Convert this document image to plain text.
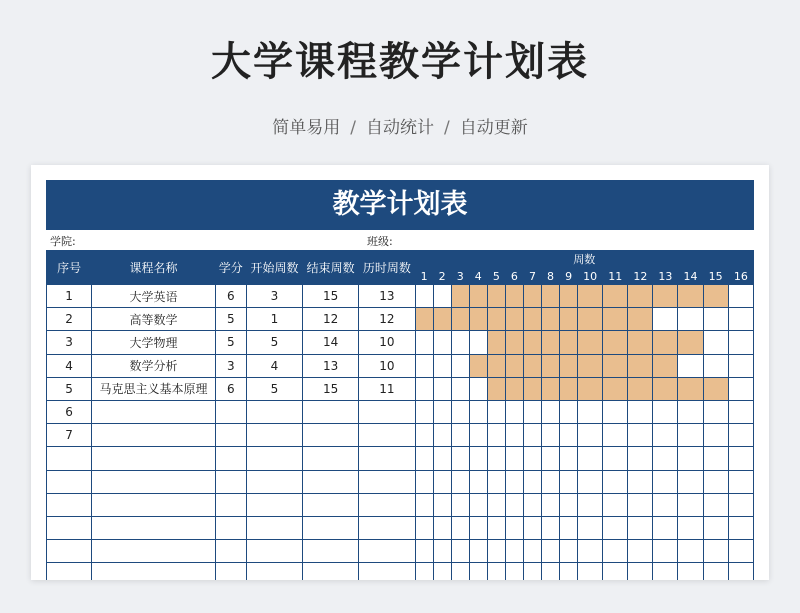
大学课程教学计划表
简单易用 / 自动统计 / 自动更新
教学计划表
学院:	班级:
序号	课程名称	学分	开始周数	结束周数	历时周数	周数															
						1	2	3	4	5	6	7	8	9	10	11	12	13	14	15	16
1	大学英语	6	3	15	13																
2	高等数学	5	1	12	12																
3	大学物理	5	5	14	10																
4	数学分析	3	4	13	10																
5	马克思主义基本原理	6	5	15	11																
6																					
7																					
